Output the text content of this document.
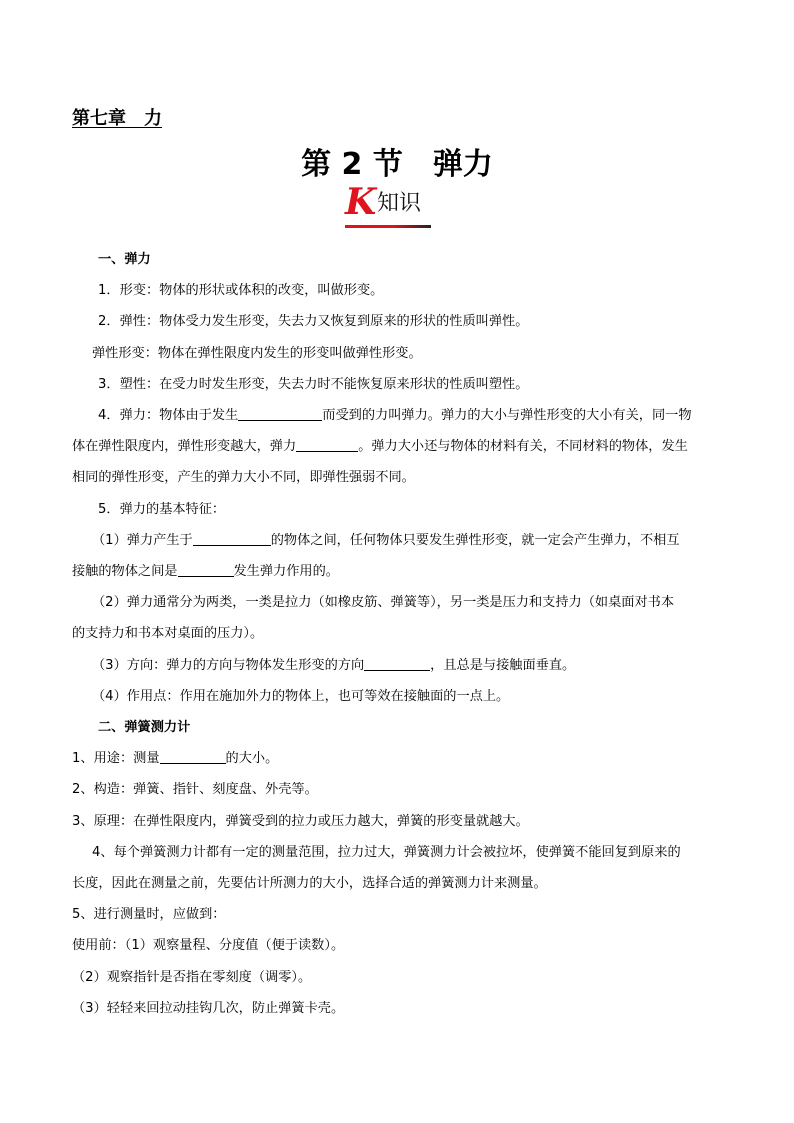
第七章　力
第 2 节　弹力
K 知识

一、弹力

1．形变：物体的形状或体积的改变，叫做形变。

2．弹性：物体受力发生形变，失去力又恢复到原来的形状的性质叫弹性。

弹性形变：物体在弹性限度内发生的形变叫做弹性形变。

3．塑性：在受力时发生形变，失去力时不能恢复原来形状的性质叫塑性。

4．弹力：物体由于发生	而受到的力叫弹力。弹力的大小与弹性形变的大小有关，同一物

体在弹性限度内，弹性形变越大，弹力	。弹力大小还与物体的材料有关，不同材料的物体，发生

相同的弹性形变，产生的弹力大小不同，即弹性强弱不同。

5．弹力的基本特征：

（1）弹力产生于	的物体之间，任何物体只要发生弹性形变，就一定会产生弹力，不相互

接触的物体之间是	发生弹力作用的。

（2）弹力通常分为两类，一类是拉力（如橡皮筋、弹簧等），另一类是压力和支持力（如桌面对书本

的支持力和书本对桌面的压力）。

（3）方向：弹力的方向与物体发生形变的方向	，且总是与接触面垂直。

（4）作用点：作用在施加外力的物体上，也可等效在接触面的一点上。

二、弹簧测力计

1、用途：测量	的大小。

2、构造：弹簧、指针、刻度盘、外壳等。

3、原理：在弹性限度内，弹簧受到的拉力或压力越大，弹簧的形变量就越大。

4、每个弹簧测力计都有一定的测量范围，拉力过大，弹簧测力计会被拉坏，使弹簧不能回复到原来的

长度，因此在测量之前，先要估计所测力的大小，选择合适的弹簧测力计来测量。

5、进行测量时，应做到：

使用前：（1）观察量程、分度值（便于读数）。

（2）观察指针是否指在零刻度（调零）。

（3）轻轻来回拉动挂钩几次，防止弹簧卡壳。
